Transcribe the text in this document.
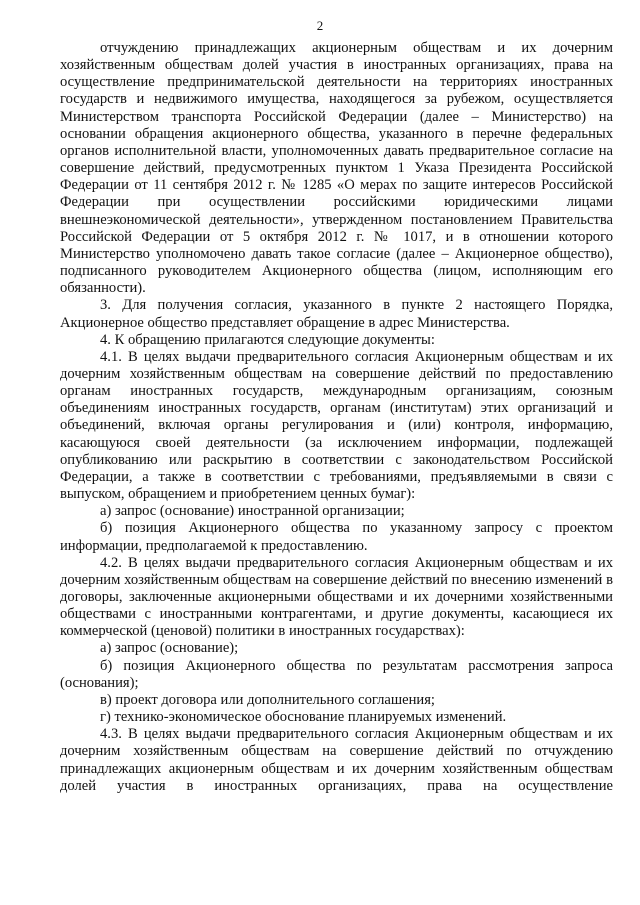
2

отчуждению принадлежащих акционерным обществам и их дочерним хозяйственным обществам долей участия в иностранных организациях, права на осуществление предпринимательской деятельности на территориях иностранных государств и недвижимого имущества, находящегося за рубежом, осуществляется Министерством транспорта Российской Федерации (далее – Министерство) на основании обращения акционерного общества, указанного в перечне федеральных органов исполнительной власти, уполномоченных давать предварительное согласие на совершение действий, предусмотренных пунктом 1 Указа Президента Российской Федерации от 11 сентября 2012 г. № 1285 «О мерах по защите интересов Российской Федерации при осуществлении российскими юридическими лицами внешнеэкономической деятельности», утвержденном постановлением Правительства Российской Федерации от 5 октября 2012 г. № 1017, и в отношении которого Министерство уполномочено давать такое согласие (далее – Акционерное общество), подписанного руководителем Акционерного общества (лицом, исполняющим его обязанности).

3. Для получения согласия, указанного в пункте 2 настоящего Порядка, Акционерное общество представляет обращение в адрес Министерства.

4. К обращению прилагаются следующие документы:

4.1. В целях выдачи предварительного согласия Акционерным обществам и их дочерним хозяйственным обществам на совершение действий по предоставлению органам иностранных государств, международным организациям, союзным объединениям иностранных государств, органам (институтам) этих организаций и объединений, включая органы регулирования и (или) контроля, информацию, касающуюся своей деятельности (за исключением информации, подлежащей опубликованию или раскрытию в соответствии с законодательством Российской Федерации, а также в соответствии с требованиями, предъявляемыми в связи с выпуском, обращением и приобретением ценных бумаг):

а) запрос (основание) иностранной организации;

б) позиция Акционерного общества по указанному запросу с проектом информации, предполагаемой к предоставлению.

4.2. В целях выдачи предварительного согласия Акционерным обществам и их дочерним хозяйственным обществам на совершение действий по внесению изменений в договоры, заключенные акционерными обществами и их дочерними хозяйственными обществами с иностранными контрагентами, и другие документы, касающиеся их коммерческой (ценовой) политики в иностранных государствах):

а) запрос (основание);

б) позиция Акционерного общества по результатам рассмотрения запроса (основания);

в) проект договора или дополнительного соглашения;

г) технико-экономическое обоснование планируемых изменений.

4.3. В целях выдачи предварительного согласия Акционерным обществам и их дочерним хозяйственным обществам на совершение действий по отчуждению принадлежащих акционерным обществам и их дочерним хозяйственным обществам долей участия в иностранных организациях, права на осуществление
